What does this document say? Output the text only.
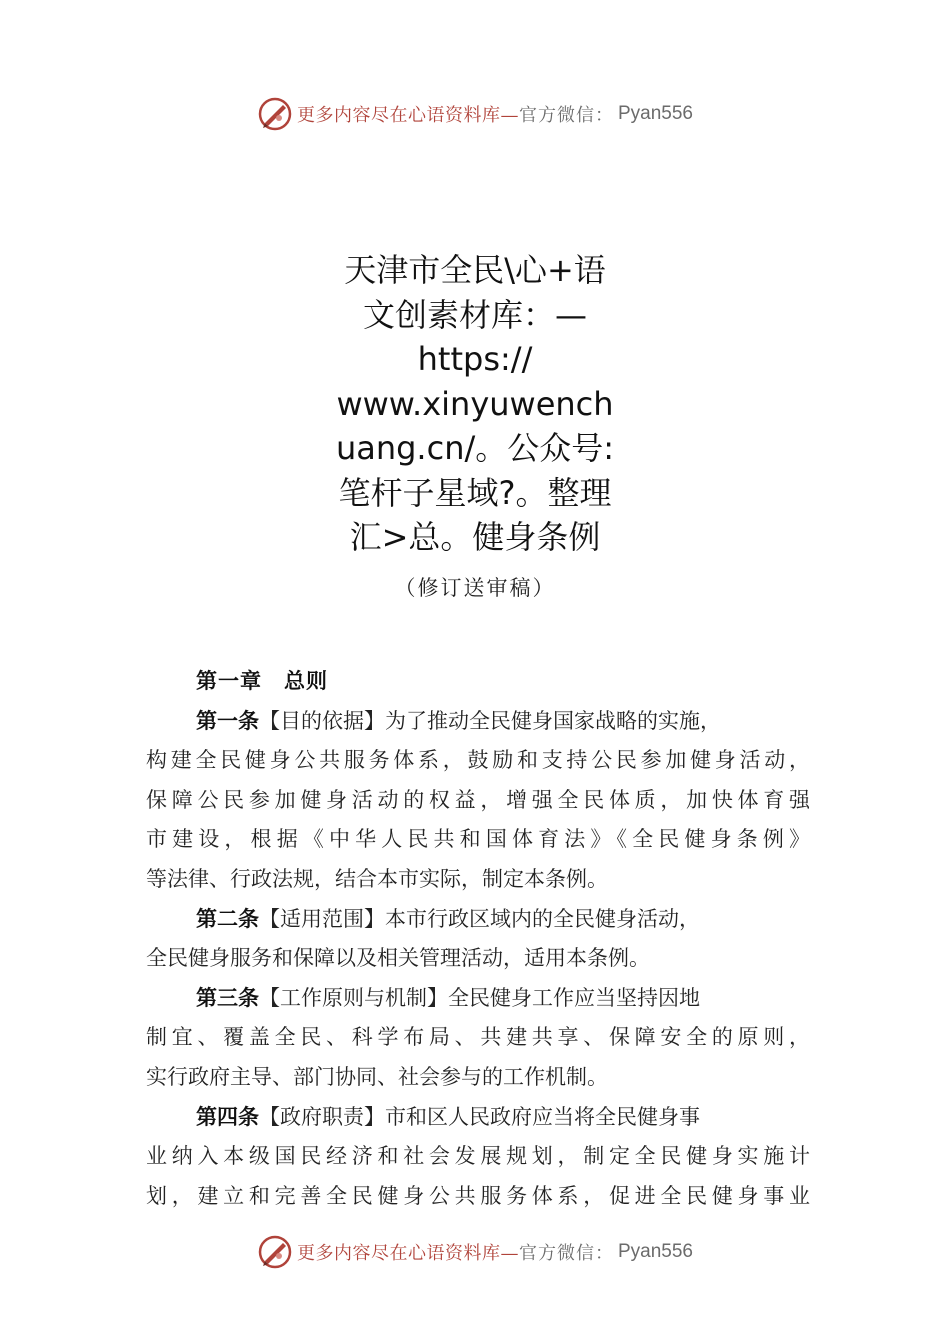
更多内容尽在心语资料库— 官方微信： Pyan556
天津市全民\心+语
文创素材库：—
https://
www.xinyuwench
uang.cn/。公众号:
笔杆子星域?。整理
汇>总。健身条例
（修订送审稿）
第一章　总则
第一条【目的依据】为了推动全民健身国家战略的实施，
构建全民健身公共服务体系，鼓励和支持公民参加健身活动，
保障公民参加健身活动的权益，增强全民体质，加快体育强
市建设，根据《中华人民共和国体育法》《全民健身条例》
等法律、行政法规，结合本市实际，制定本条例。
第二条【适用范围】本市行政区域内的全民健身活动，
全民健身服务和保障以及相关管理活动，适用本条例。
第三条【工作原则与机制】全民健身工作应当坚持因地
制宜、覆盖全民、科学布局、共建共享、保障安全的原则，
实行政府主导、部门协同、社会参与的工作机制。
第四条【政府职责】市和区人民政府应当将全民健身事
业纳入本级国民经济和社会发展规划，制定全民健身实施计
划，建立和完善全民健身公共服务体系，促进全民健身事业
更多内容尽在心语资料库— 官方微信： Pyan556
